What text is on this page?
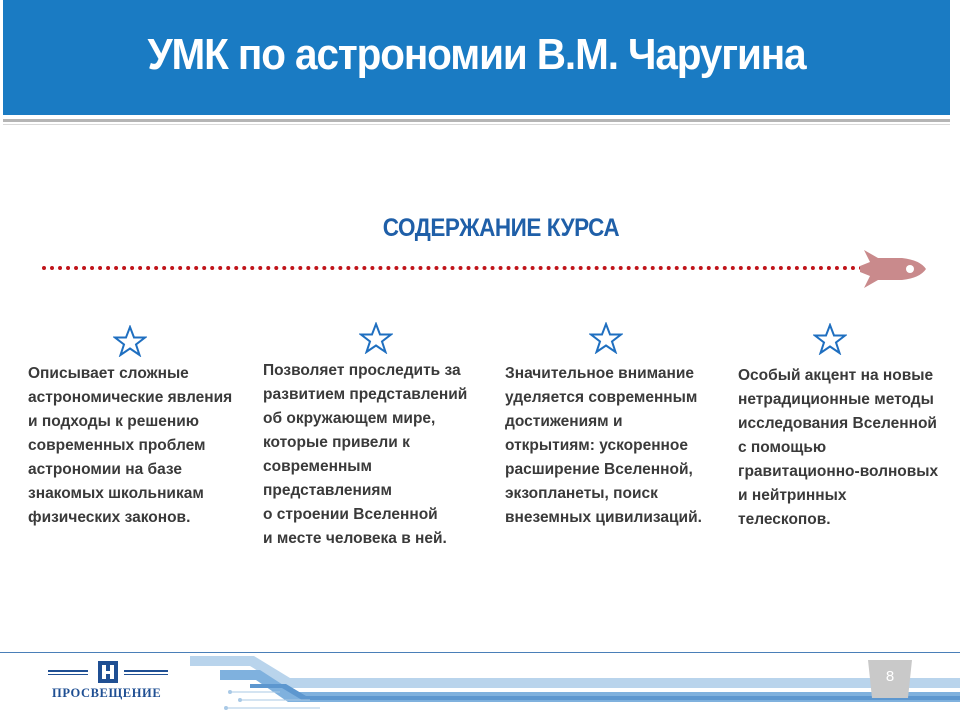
УМК по астрономии В.М. Чаругина
СОДЕРЖАНИЕ КУРСА
Описывает сложные
астрономические явления
и подходы к решению
современных проблем
астрономии на базе
знакомых школьникам
физических законов.
Позволяет проследить за
развитием представлений
об окружающем мире,
которые привели к
современным
представлениям
о строении Вселенной
и месте человека в ней.
Значительное внимание
уделяется современным
достижениям и
открытиям: ускоренное
расширение Вселенной,
экзопланеты, поиск
внеземных цивилизаций.
Особый акцент на новые
нетрадиционные методы
исследования Вселенной
с помощью
гравитационно-волновых
и нейтринных
телескопов.
ПРОСВЕЩЕНИЕ
8
